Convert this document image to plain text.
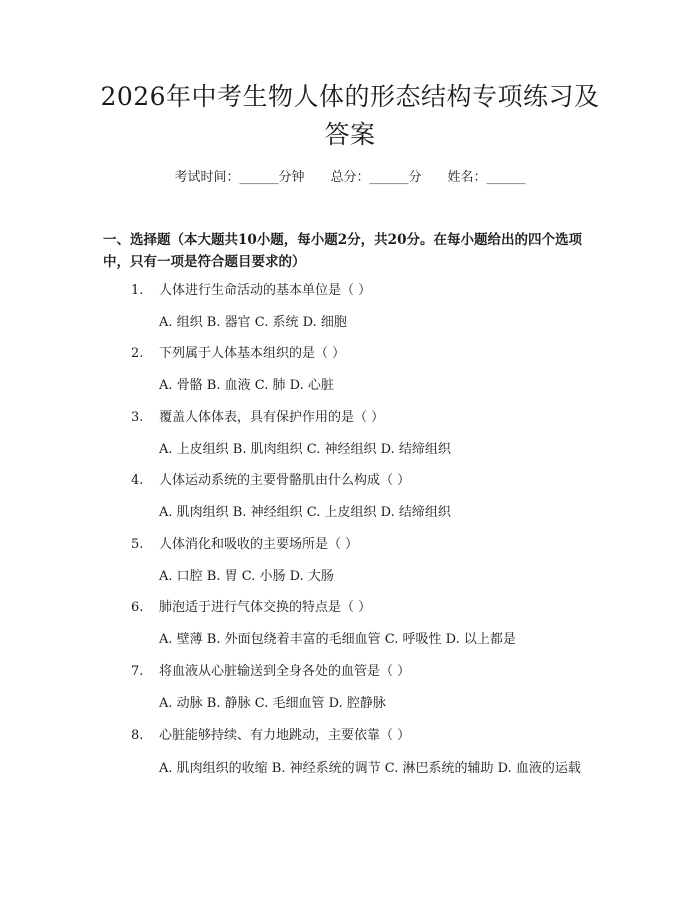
2026年中考生物人体的形态结构专项练习及答案
考试时间：______分钟 总分：______分 姓名：______
一、选择题（本大题共10小题，每小题2分，共20分。在每小题给出的四个选项中，只有一项是符合题目要求的）
1. 人体进行生命活动的基本单位是（ ）
A. 组织 B. 器官 C. 系统 D. 细胞
2. 下列属于人体基本组织的是（ ）
A. 骨骼 B. 血液 C. 肺 D. 心脏
3. 覆盖人体体表，具有保护作用的是（ ）
A. 上皮组织 B. 肌肉组织 C. 神经组织 D. 结缔组织
4. 人体运动系统的主要骨骼肌由什么构成（ ）
A. 肌肉组织 B. 神经组织 C. 上皮组织 D. 结缔组织
5. 人体消化和吸收的主要场所是（ ）
A. 口腔 B. 胃 C. 小肠 D. 大肠
6. 肺泡适于进行气体交换的特点是（ ）
A. 壁薄 B. 外面包绕着丰富的毛细血管 C. 呼吸性 D. 以上都是
7. 将血液从心脏输送到全身各处的血管是（ ）
A. 动脉 B. 静脉 C. 毛细血管 D. 腔静脉
8. 心脏能够持续、有力地跳动，主要依靠（ ）
A. 肌肉组织的收缩 B. 神经系统的调节 C. 淋巴系统的辅助 D. 血液的运载
